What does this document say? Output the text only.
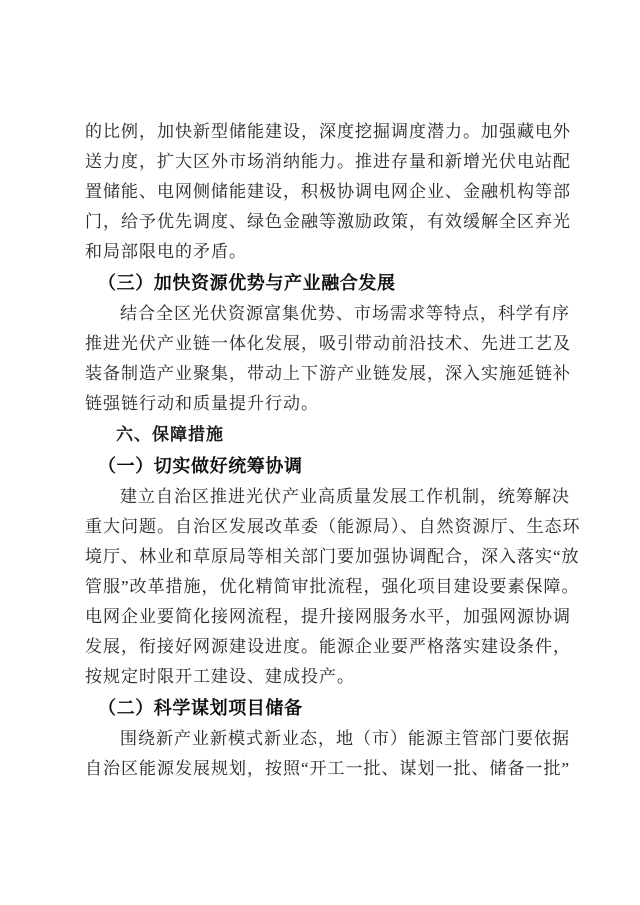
的比例，加快新型储能建设，深度挖掘调度潜力。加强藏电外
送力度，扩大区外市场消纳能力。推进存量和新增光伏电站配
置储能、电网侧储能建设，积极协调电网企业、金融机构等部
门，给予优先调度、绿色金融等激励政策，有效缓解全区弃光
和局部限电的矛盾。
（三）加快资源优势与产业融合发展
结合全区光伏资源富集优势、市场需求等特点，科学有序
推进光伏产业链一体化发展，吸引带动前沿技术、先进工艺及
装备制造产业聚集，带动上下游产业链发展，深入实施延链补
链强链行动和质量提升行动。
六、保障措施
（一）切实做好统筹协调
建立自治区推进光伏产业高质量发展工作机制，统筹解决
重大问题。自治区发展改革委（能源局）、自然资源厅、生态环
境厅、林业和草原局等相关部门要加强协调配合，深入落实“放
管服”改革措施，优化精简审批流程，强化项目建设要素保障。
电网企业要简化接网流程，提升接网服务水平，加强网源协调
发展，衔接好网源建设进度。能源企业要严格落实建设条件，
按规定时限开工建设、建成投产。
（二）科学谋划项目储备
围绕新产业新模式新业态，地（市）能源主管部门要依据
自治区能源发展规划，按照“开工一批、谋划一批、储备一批”
